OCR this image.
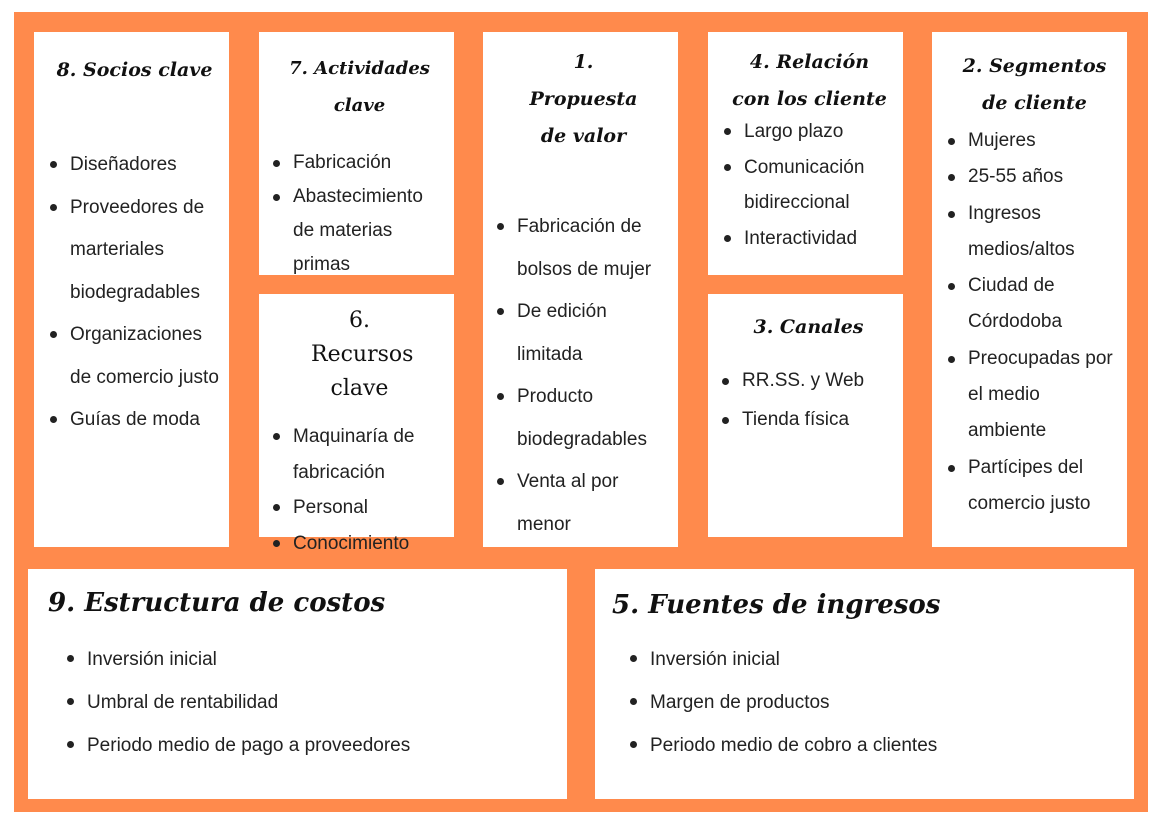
8. Socios clave

Diseñadores
Proveedores de marteriales biodegradables
Organizaciones de comercio justo
Guías de moda

7. Actividades clave

Fabricación
Abastecimiento de materias primas

6. Recursos clave

Maquinaría de fabricación
Personal
Conocimiento

1. Propuesta de valor

Fabricación de bolsos de mujer
De edición limitada
Producto biodegradables
Venta al por menor

4. Relación con los cliente

Largo plazo
Comunicación bidireccional
Interactividad

3. Canales

RR.SS. y Web
Tienda física

2. Segmentos de cliente

Mujeres
25-55 años
Ingresos medios/altos
Ciudad de Córdodoba
Preocupadas por el medio ambiente
Partícipes del comercio justo

9. Estructura de costos

Inversión inicial
Umbral de rentabilidad
Periodo medio de pago a proveedores

5. Fuentes de ingresos

Inversión inicial
Margen de productos
Periodo medio de cobro a clientes
